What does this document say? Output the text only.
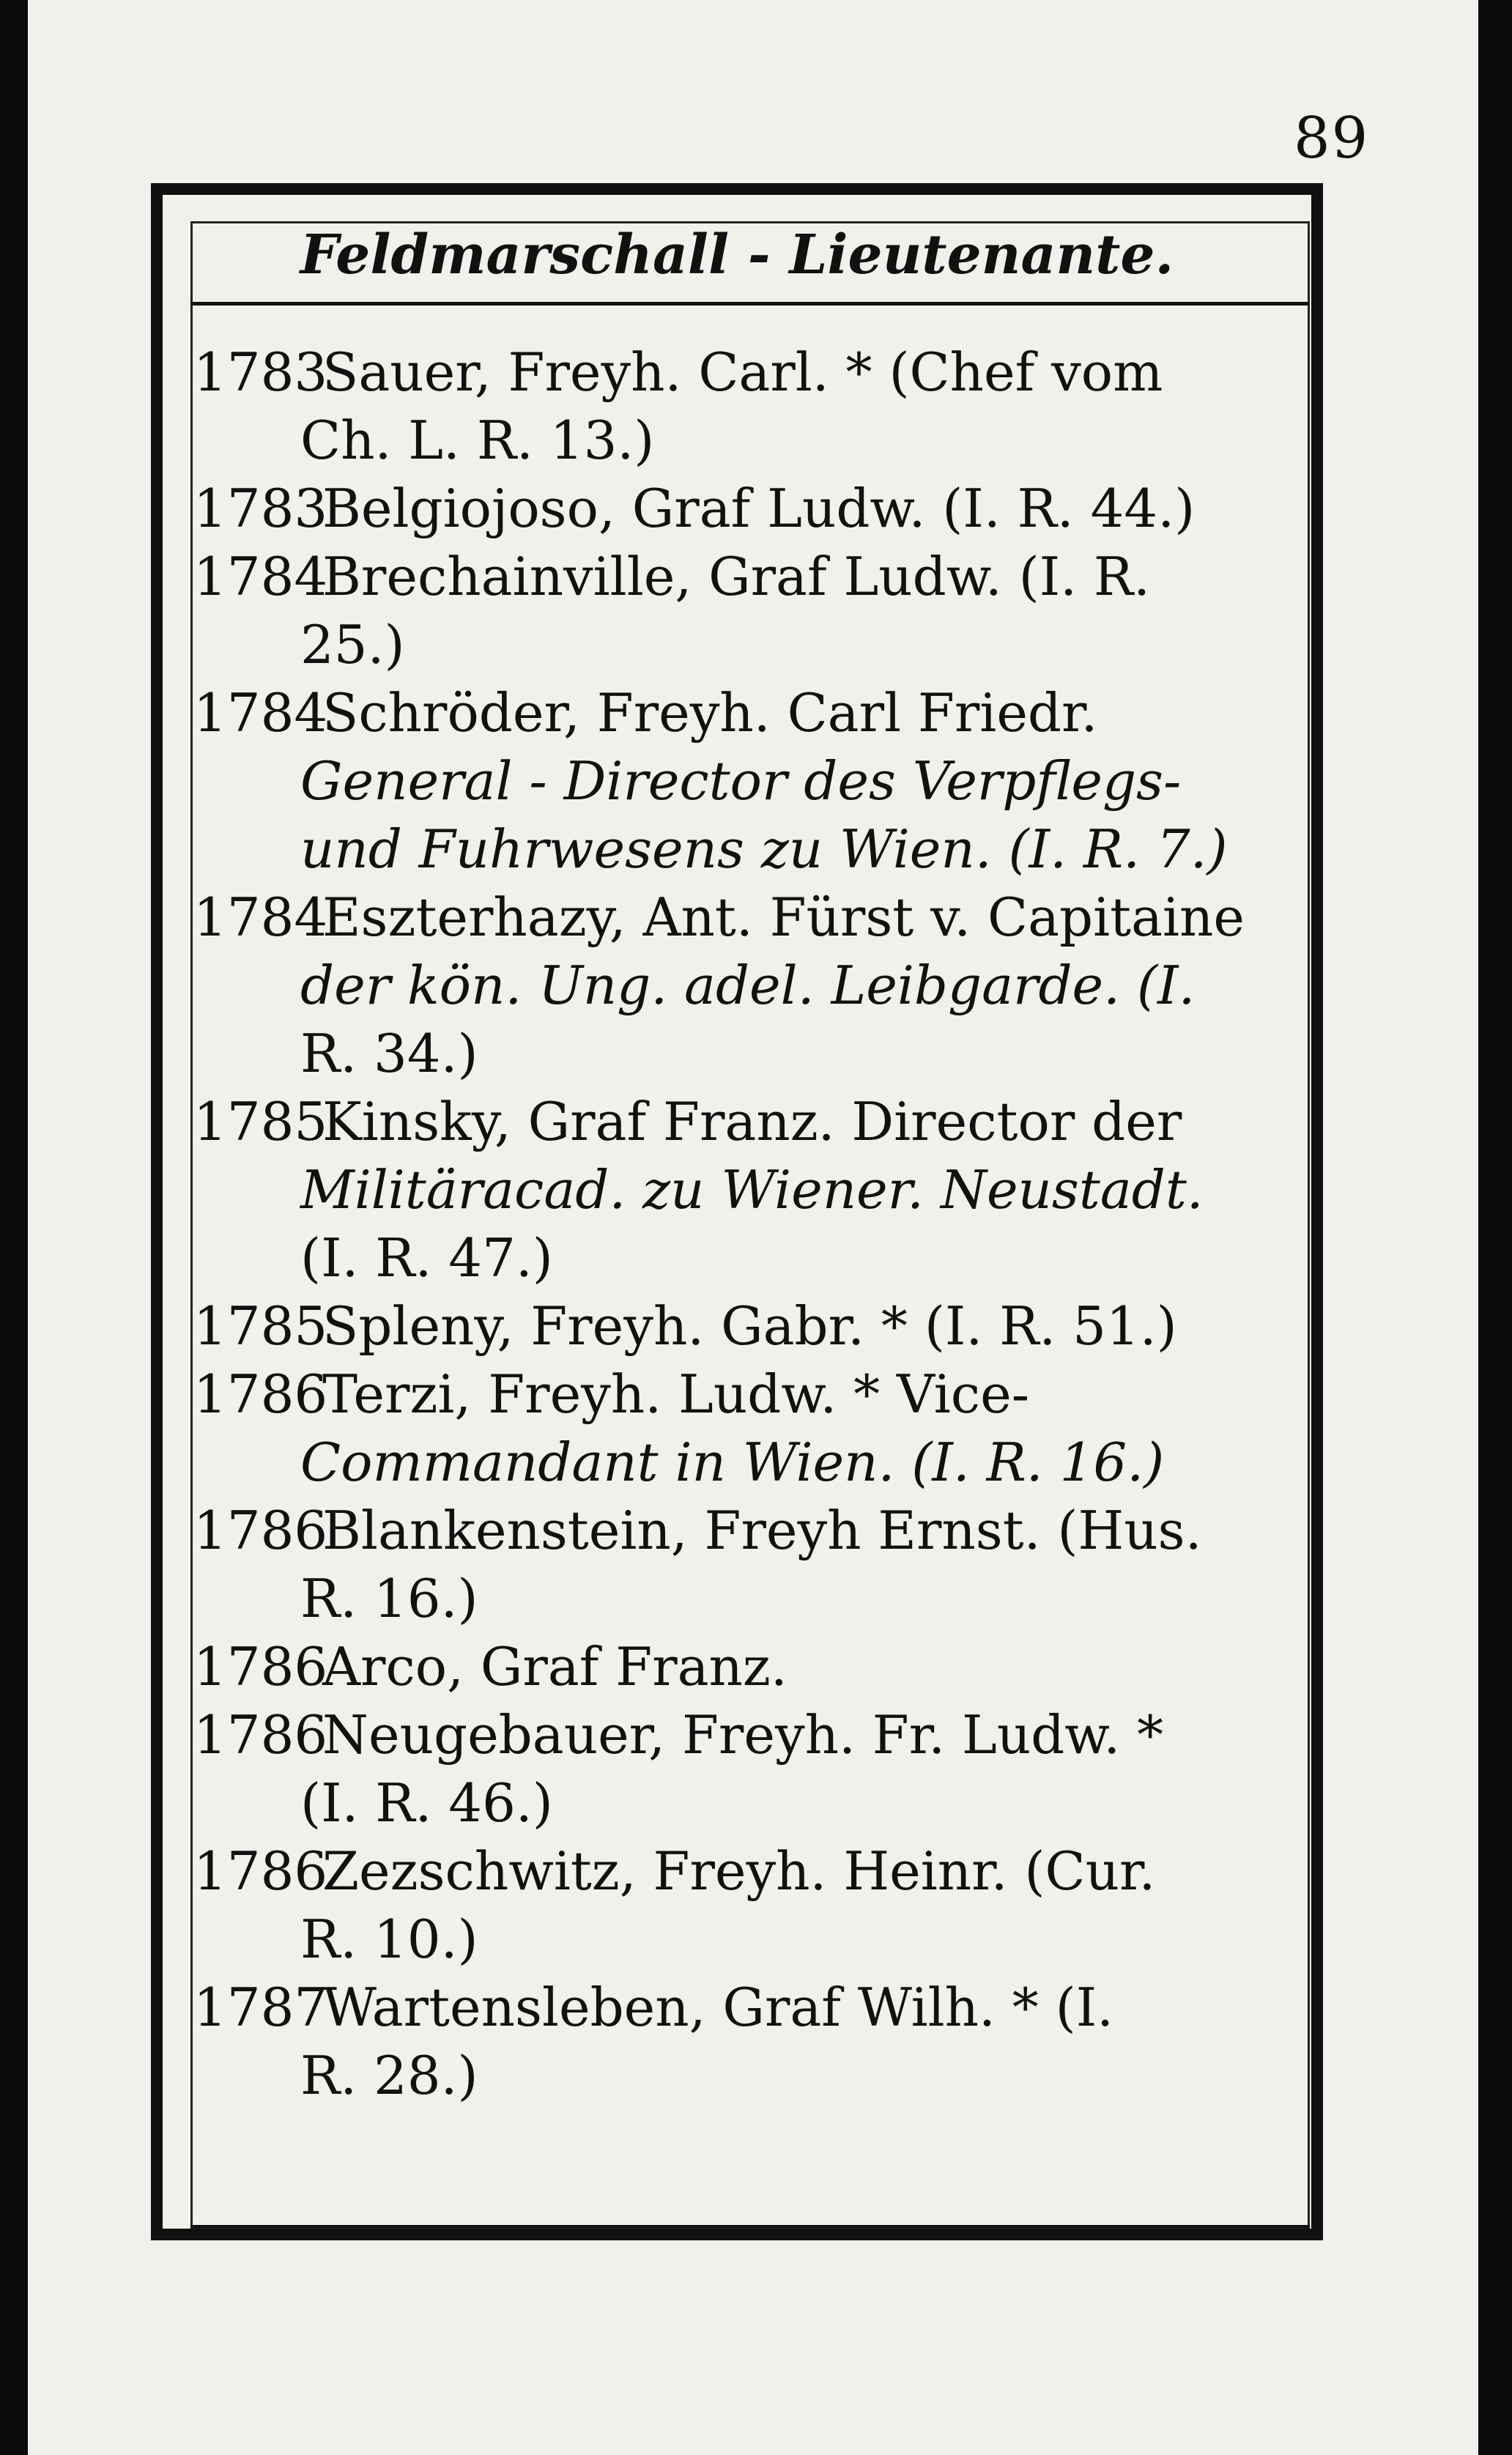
89
Feldmarschall - Lieutenante.
1783
Sauer, Freyh. Carl. * (Chef vom
Ch. L. R. 13.)
1783
Belgiojoso, Graf Ludw. (I. R. 44.)
1784
Brechainville, Graf Ludw. (I. R.
25.)
1784
Schröder, Freyh. Carl Friedr.
General - Director des Verpflegs-
und Fuhrwesens zu Wien. (I. R. 7.)
1784
Eszterhazy, Ant. Fürst v. Capitaine
der kön. Ung. adel. Leibgarde. (I.
R. 34.)
1785
Kinsky, Graf Franz. Director der
Militäracad. zu Wiener. Neustadt.
(I. R. 47.)
1785
Spleny, Freyh. Gabr. * (I. R. 51.)
1786
Terzi, Freyh. Ludw. * Vice-
Commandant in Wien. (I. R. 16.)
1786
Blankenstein, Freyh Ernst. (Hus.
R. 16.)
1786
Arco, Graf Franz.
1786
Neugebauer, Freyh. Fr. Ludw. *
(I. R. 46.)
1786
Zezschwitz, Freyh. Heinr. (Cur.
R. 10.)
1787
Wartensleben, Graf Wilh. * (I.
R. 28.)
